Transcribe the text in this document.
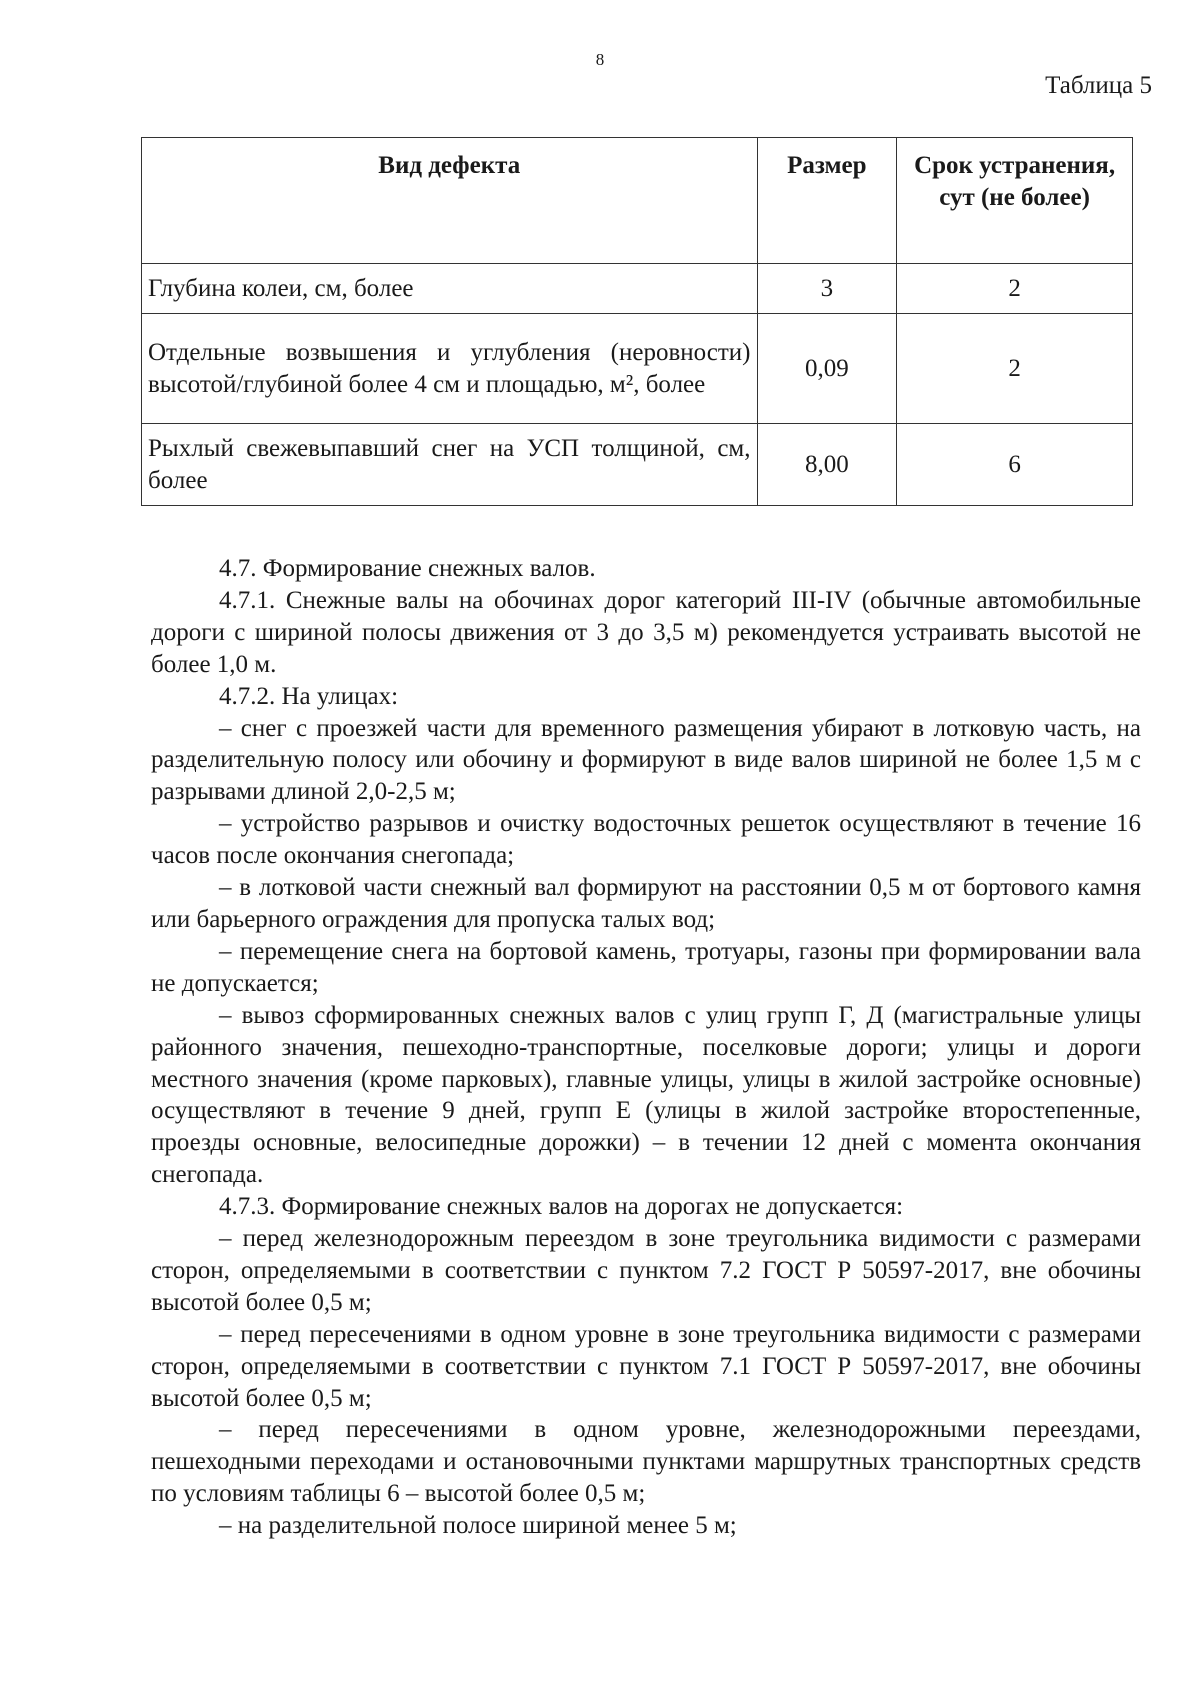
8
Таблица 5
Вид дефекта	Размер	Срок устранения, сут (не более)
Глубина колеи, см, более	3	2
Отдельные возвышения и углубления (неровности) высотой/глубиной более 4 см и площадью, м², более	0,09	2
Рыхлый свежевыпавший снег на УСП толщиной, см, более	8,00	6

4.7. Формирование снежных валов.

4.7.1. Снежные валы на обочинах дорог категорий III-IV (обычные автомобильные дороги с шириной полосы движения от 3 до 3,5 м) рекомендуется устраивать высотой не более 1,0 м.

4.7.2. На улицах:

– снег с проезжей части для временного размещения убирают в лотковую часть, на разделительную полосу или обочину и формируют в виде валов шириной не более 1,5 м с разрывами длиной 2,0-2,5 м;

– устройство разрывов и очистку водосточных решеток осуществляют в течение 16 часов после окончания снегопада;

– в лотковой части снежный вал формируют на расстоянии 0,5 м от бортового камня или барьерного ограждения для пропуска талых вод;

– перемещение снега на бортовой камень, тротуары, газоны при формировании вала не допускается;

– вывоз сформированных снежных валов с улиц групп Г, Д (магистральные улицы районного значения, пешеходно-транспортные, поселковые дороги; улицы и дороги местного значения (кроме парковых), главные улицы, улицы в жилой застройке основные) осуществляют в течение 9 дней, групп Е (улицы в жилой застройке второстепенные, проезды основные, велосипедные дорожки) – в течении 12 дней с момента окончания снегопада.

4.7.3. Формирование снежных валов на дорогах не допускается:

– перед железнодорожным переездом в зоне треугольника видимости с размерами сторон, определяемыми в соответствии с пунктом 7.2 ГОСТ Р 50597-2017, вне обочины высотой более 0,5 м;

– перед пересечениями в одном уровне в зоне треугольника видимости с размерами сторон, определяемыми в соответствии с пунктом 7.1 ГОСТ Р 50597-2017, вне обочины высотой более 0,5 м;

– перед пересечениями в одном уровне, железнодорожными переездами, пешеходными переходами и остановочными пунктами маршрутных транспортных средств по условиям таблицы 6 – высотой более 0,5 м;

– на разделительной полосе шириной менее 5 м;
